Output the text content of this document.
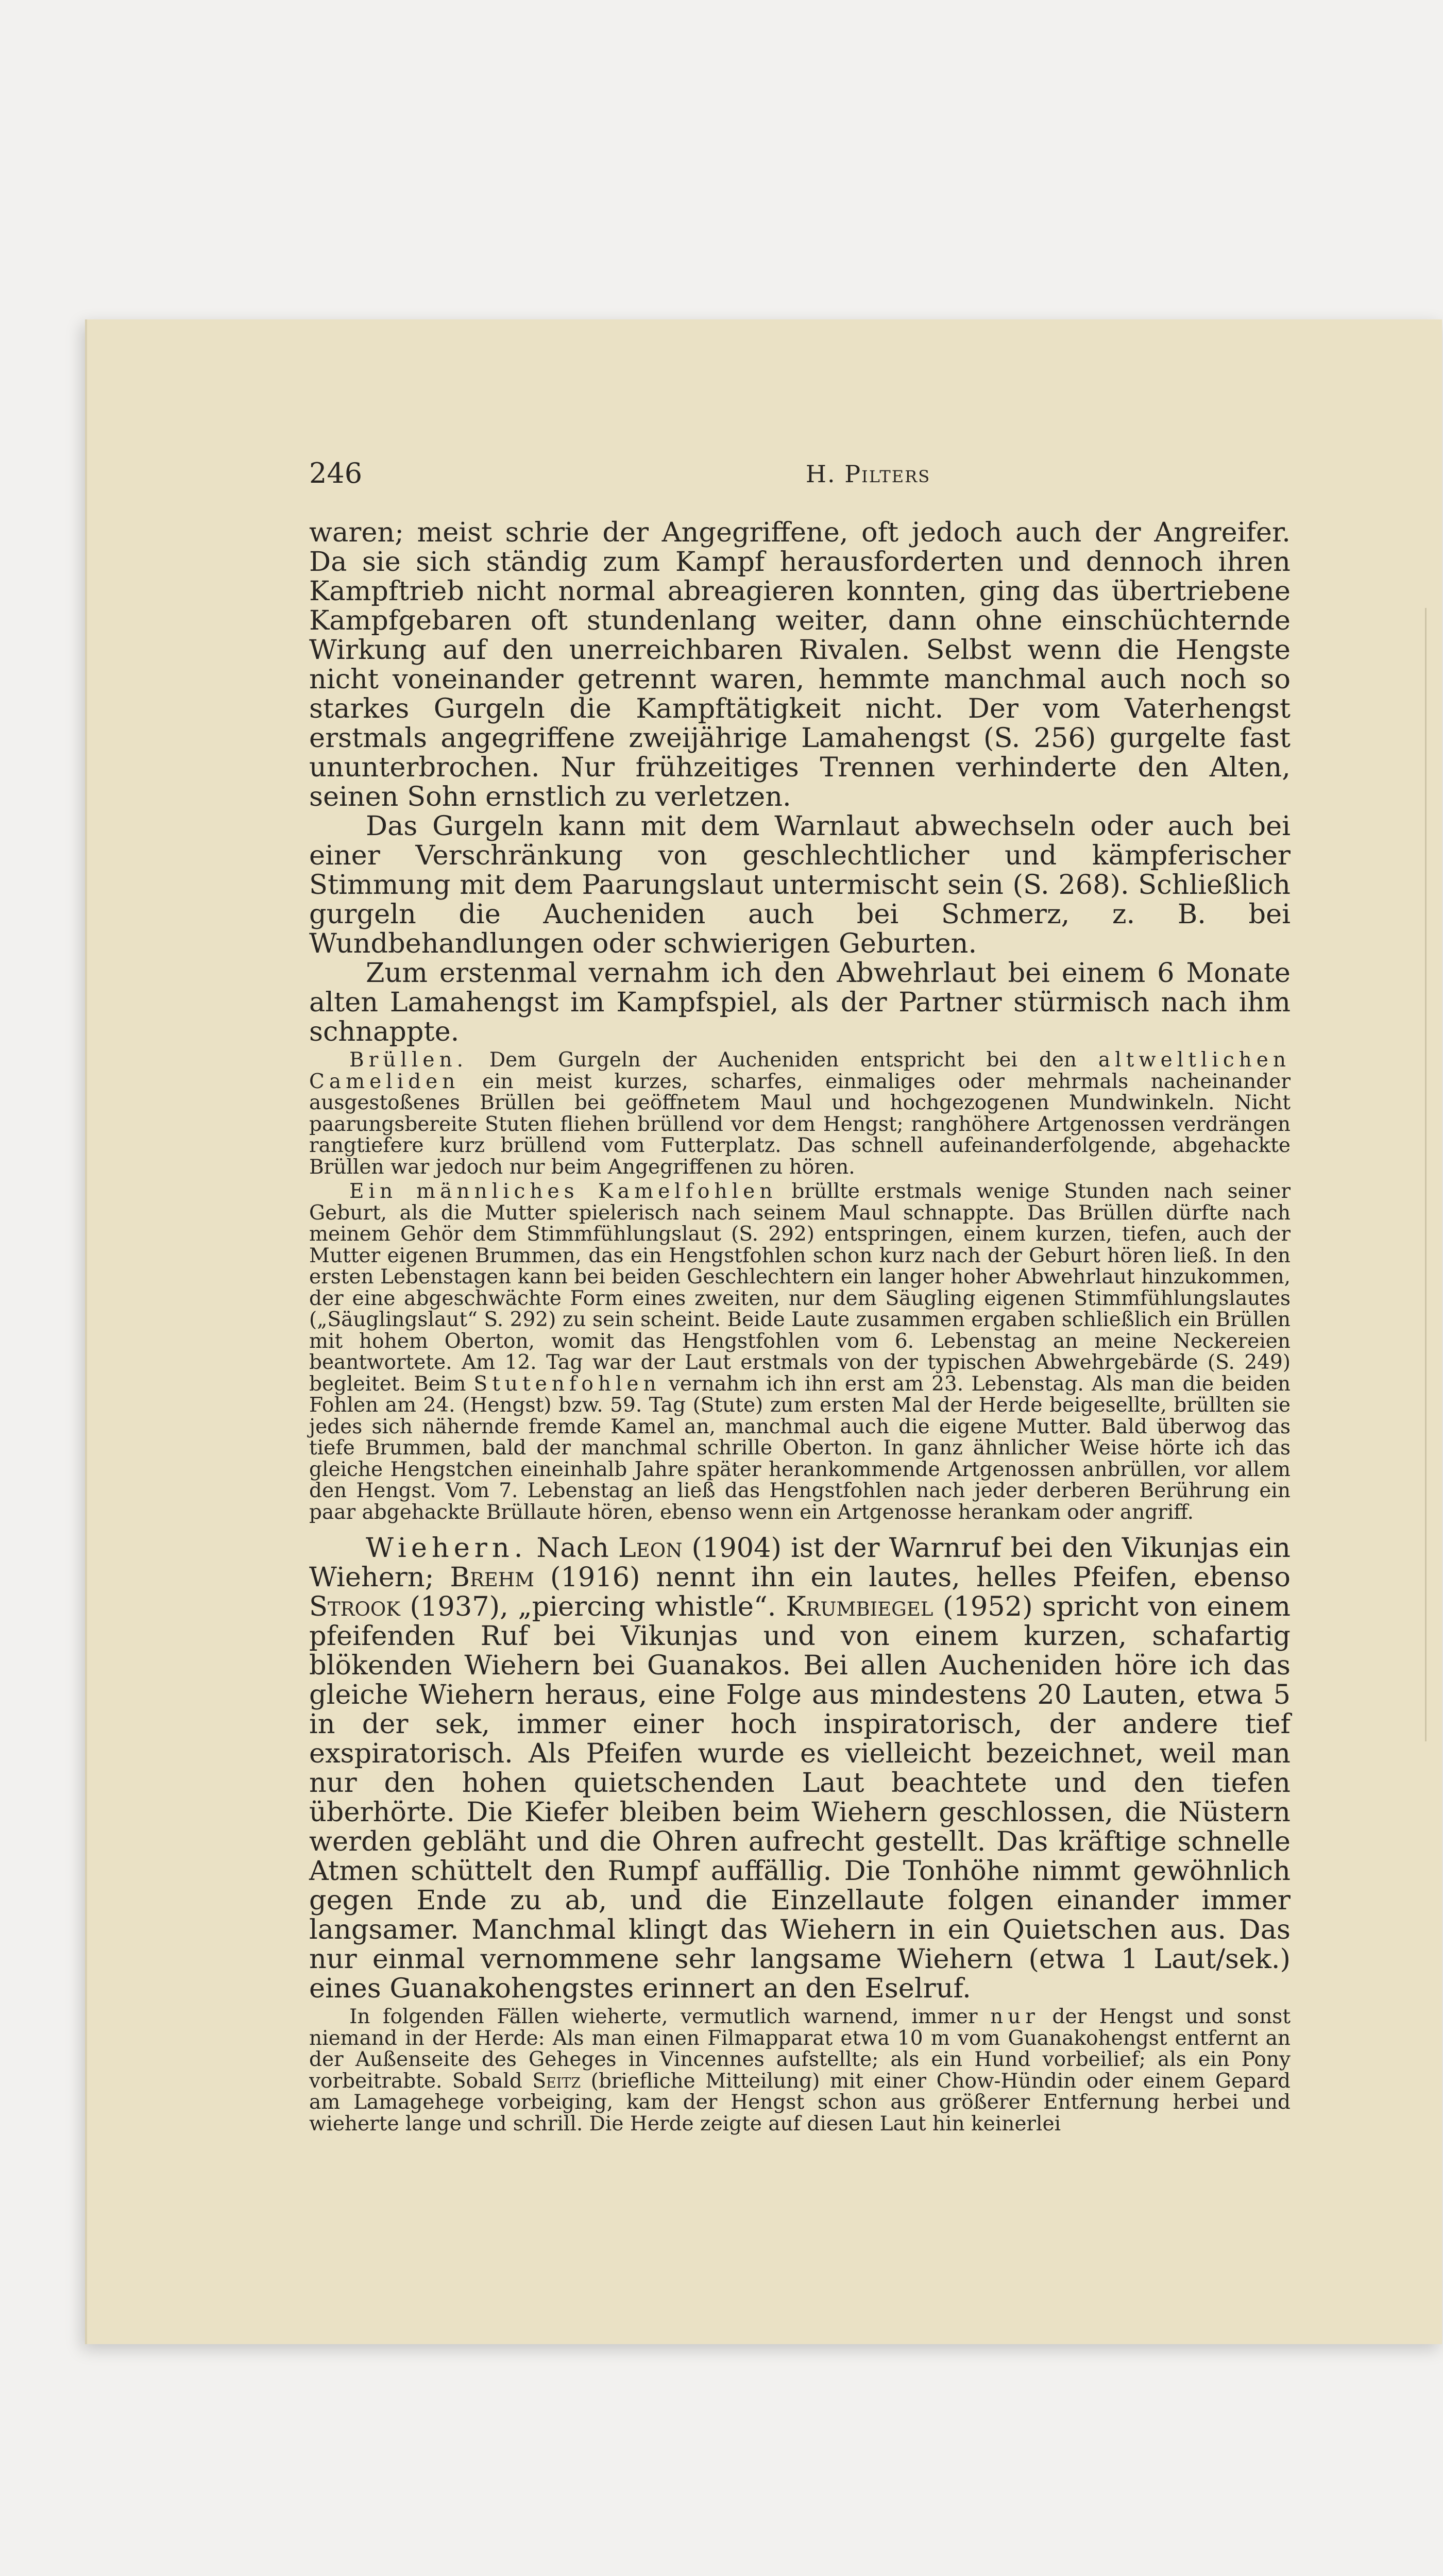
246	H. Pilters

waren; meist schrie der Angegriffene, oft jedoch auch der Angreifer. Da sie sich ständig zum Kampf herausforderten und dennoch ihren Kampftrieb nicht normal abreagieren konnten, ging das übertriebene Kampfgebaren oft stundenlang weiter, dann ohne einschüchternde Wirkung auf den unerreichbaren Rivalen. Selbst wenn die Hengste nicht voneinander getrennt waren, hemmte manchmal auch noch so starkes Gurgeln die Kampftätigkeit nicht. Der vom Vaterhengst erstmals angegriffene zweijährige Lamahengst (S. 256) gurgelte fast ununterbrochen. Nur frühzeitiges Trennen verhinderte den Alten, seinen Sohn ernstlich zu verletzen.

Das Gurgeln kann mit dem Warnlaut abwechseln oder auch bei einer Verschränkung von geschlechtlicher und kämpferischer Stimmung mit dem Paarungslaut untermischt sein (S. 268). Schließlich gurgeln die Auchenіden auch bei Schmerz, z. B. bei Wundbehandlungen oder schwierigen Geburten.

Zum erstenmal vernahm ich den Abwehrlaut bei einem 6 Monate alten Lamahengst im Kampfspiel, als der Partner stürmisch nach ihm schnappte.

Brüllen. Dem Gurgeln der Auchenіden entspricht bei den altweltlichen Cameliden ein meist kurzes, scharfes, einmaliges oder mehrmals nacheinander ausgestoßenes Brüllen bei geöffnetem Maul und hochgezogenen Mundwinkeln. Nicht paarungsbereite Stuten fliehen brüllend vor dem Hengst; ranghöhere Artgenossen verdrängen rangtiefere kurz brüllend vom Futterplatz. Das schnell aufeinanderfolgende, abgehackte Brüllen war jedoch nur beim Angegriffenen zu hören.

Ein männliches Kamelfohlen brüllte erstmals wenige Stunden nach seiner Geburt, als die Mutter spielerisch nach seinem Maul schnappte. Das Brüllen dürfte nach meinem Gehör dem Stimmfühlungslaut (S. 292) entspringen, einem kurzen, tiefen, auch der Mutter eigenen Brummen, das ein Hengstfohlen schon kurz nach der Geburt hören ließ. In den ersten Lebenstagen kann bei beiden Geschlechtern ein langer hoher Abwehrlaut hinzukommen, der eine abgeschwächte Form eines zweiten, nur dem Säugling eigenen Stimmfühlungslautes („Säuglingslaut“ S. 292) zu sein scheint. Beide Laute zusammen ergaben schließlich ein Brüllen mit hohem Oberton, womit das Hengstfohlen vom 6. Lebenstag an meine Neckereien beantwortete. Am 12. Tag war der Laut erstmals von der typischen Abwehrgebärde (S. 249) begleitet. Beim Stutenfohlen vernahm ich ihn erst am 23. Lebenstag. Als man die beiden Fohlen am 24. (Hengst) bzw. 59. Tag (Stute) zum ersten Mal der Herde beigesellte, brüllten sie jedes sich nähernde fremde Kamel an, manchmal auch die eigene Mutter. Bald überwog das tiefe Brummen, bald der manchmal schrille Oberton. In ganz ähnlicher Weise hörte ich das gleiche Hengstchen eineinhalb Jahre später herankommende Artgenossen anbrüllen, vor allem den Hengst. Vom 7. Lebenstag an ließ das Hengstfohlen nach jeder derberen Berührung ein paar abgehackte Brüllaute hören, ebenso wenn ein Artgenosse herankam oder angriff.

Wiehern. Nach Leon (1904) ist der Warnruf bei den Vikunjas ein Wiehern; Brehm (1916) nennt ihn ein lautes, helles Pfeifen, ebenso Strook (1937), „piercing whistle“. Krumbiegel (1952) spricht von einem pfeifenden Ruf bei Vikunjas und von einem kurzen, schafartig blökenden Wiehern bei Guanakos. Bei allen Auchenіden höre ich das gleiche Wiehern heraus, eine Folge aus mindestens 20 Lauten, etwa 5 in der sek, immer einer hoch inspiratorisch, der andere tief exspiratorisch. Als Pfeifen wurde es vielleicht bezeichnet, weil man nur den hohen quietschenden Laut beachtete und den tiefen überhörte. Die Kiefer bleiben beim Wiehern geschlossen, die Nüstern werden gebläht und die Ohren aufrecht gestellt. Das kräftige schnelle Atmen schüttelt den Rumpf auffällig. Die Tonhöhe nimmt gewöhnlich gegen Ende zu ab, und die Einzellaute folgen einander immer langsamer. Manchmal klingt das Wiehern in ein Quietschen aus. Das nur einmal vernommene sehr langsame Wiehern (etwa 1 Laut/sek.) eines Guanakohengstes erinnert an den Eselruf.

In folgenden Fällen wieherte, vermutlich warnend, immer nur der Hengst und sonst niemand in der Herde: Als man einen Filmapparat etwa 10 m vom Guanakohengst entfernt an der Außenseite des Geheges in Vincennes aufstellte; als ein Hund vorbeilief; als ein Pony vorbeitrabte. Sobald Seitz (briefliche Mitteilung) mit einer Chow-Hündin oder einem Gepard am Lamagehege vorbeiging, kam der Hengst schon aus größerer Entfernung herbei und wieherte lange und schrill. Die Herde zeigte auf diesen Laut hin keinerlei
